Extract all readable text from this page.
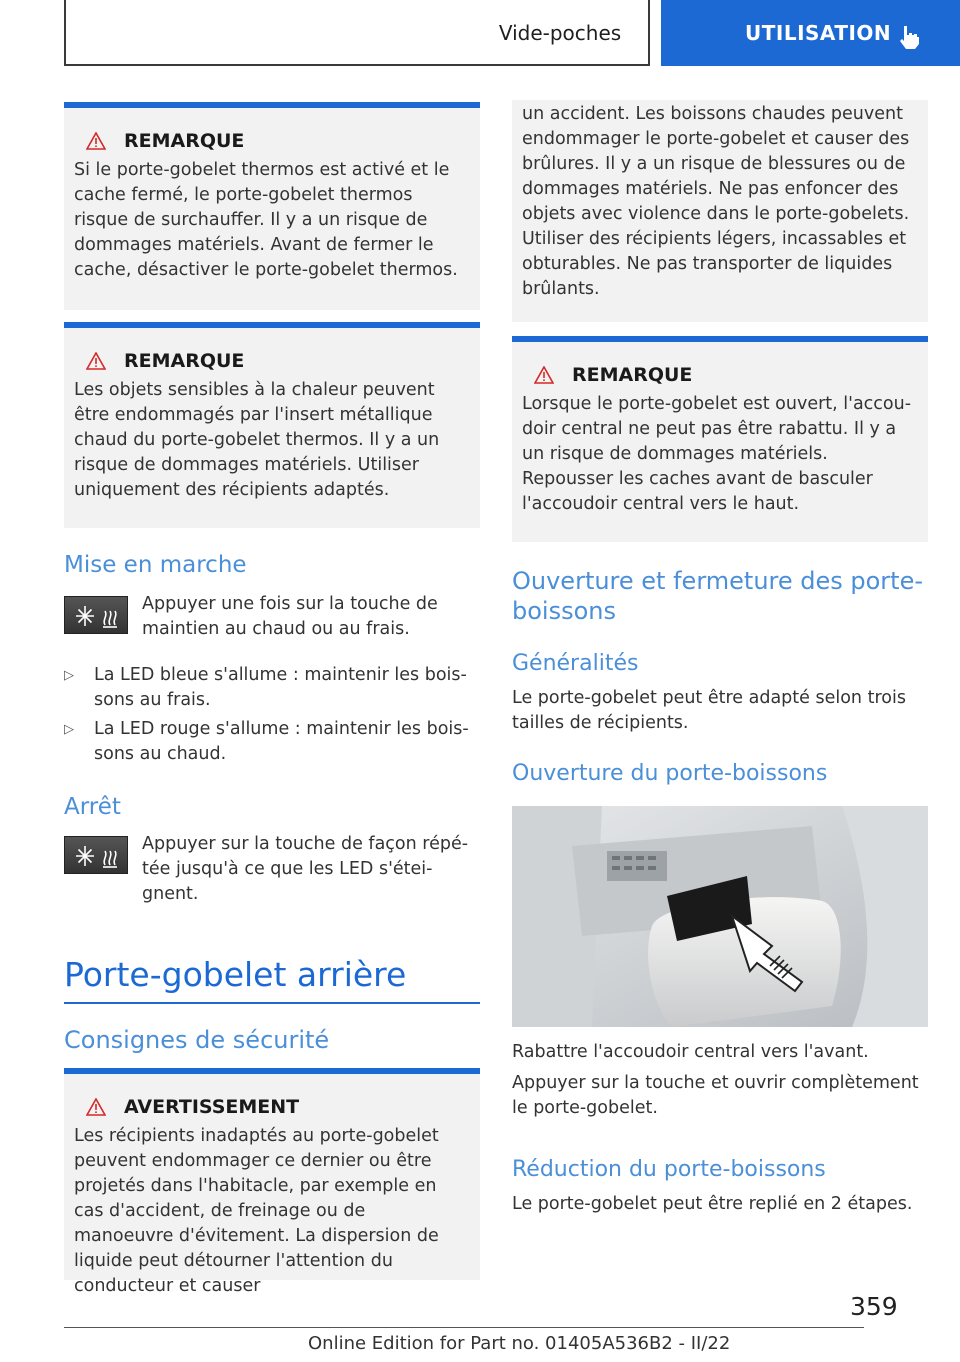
Vide-poches	UTILISATION
REMARQUE
Si le porte-gobelet thermos est activé et le cache fermé, le porte-gobelet thermos risque de surchauffer. Il y a un risque de dommages matériels. Avant de fermer le cache, désactiver le porte-gobelet thermos.
REMARQUE
Les objets sensibles à la chaleur peuvent être endommagés par l'insert métallique chaud du porte-gobelet thermos. Il y a un risque de dommages matériels. Utiliser uniquement des récipients adaptés.
Mise en marche
Appuyer une fois sur la touche de maintien au chaud ou au frais.
▷ La LED bleue s'allume : maintenir les boissons au frais.
▷ La LED rouge s'allume : maintenir les boissons au chaud.
Arrêt
Appuyer sur la touche de façon répétée jusqu'à ce que les LED s'éteignent.
Porte-gobelet arrière
Consignes de sécurité
AVERTISSEMENT
Les récipients inadaptés au porte-gobelet peuvent endommager ce dernier ou être projetés dans l'habitacle, par exemple en cas d'accident, de freinage ou de manoeuvre d'évitement. La dispersion de liquide peut détourner l'attention du conducteur et causer
un accident. Les boissons chaudes peuvent endommager le porte-gobelet et causer des brûlures. Il y a un risque de blessures ou de dommages matériels. Ne pas enfoncer des objets avec violence dans le porte-gobelets. Utiliser des récipients légers, incassables et obturables. Ne pas transporter de liquides brûlants.
REMARQUE
Lorsque le porte-gobelet est ouvert, l'accoudoir central ne peut pas être rabattu. Il y a un risque de dommages matériels. Repousser les caches avant de basculer l'accoudoir central vers le haut.
Ouverture et fermeture des porte-boissons
Généralités
Le porte-gobelet peut être adapté selon trois tailles de récipients.
Ouverture du porte-boissons
Rabattre l'accoudoir central vers l'avant.
Appuyer sur la touche et ouvrir complètement le porte-gobelet.
Réduction du porte-boissons
Le porte-gobelet peut être replié en 2 étapes.
359
Online Edition for Part no. 01405A536B2 - II/22
